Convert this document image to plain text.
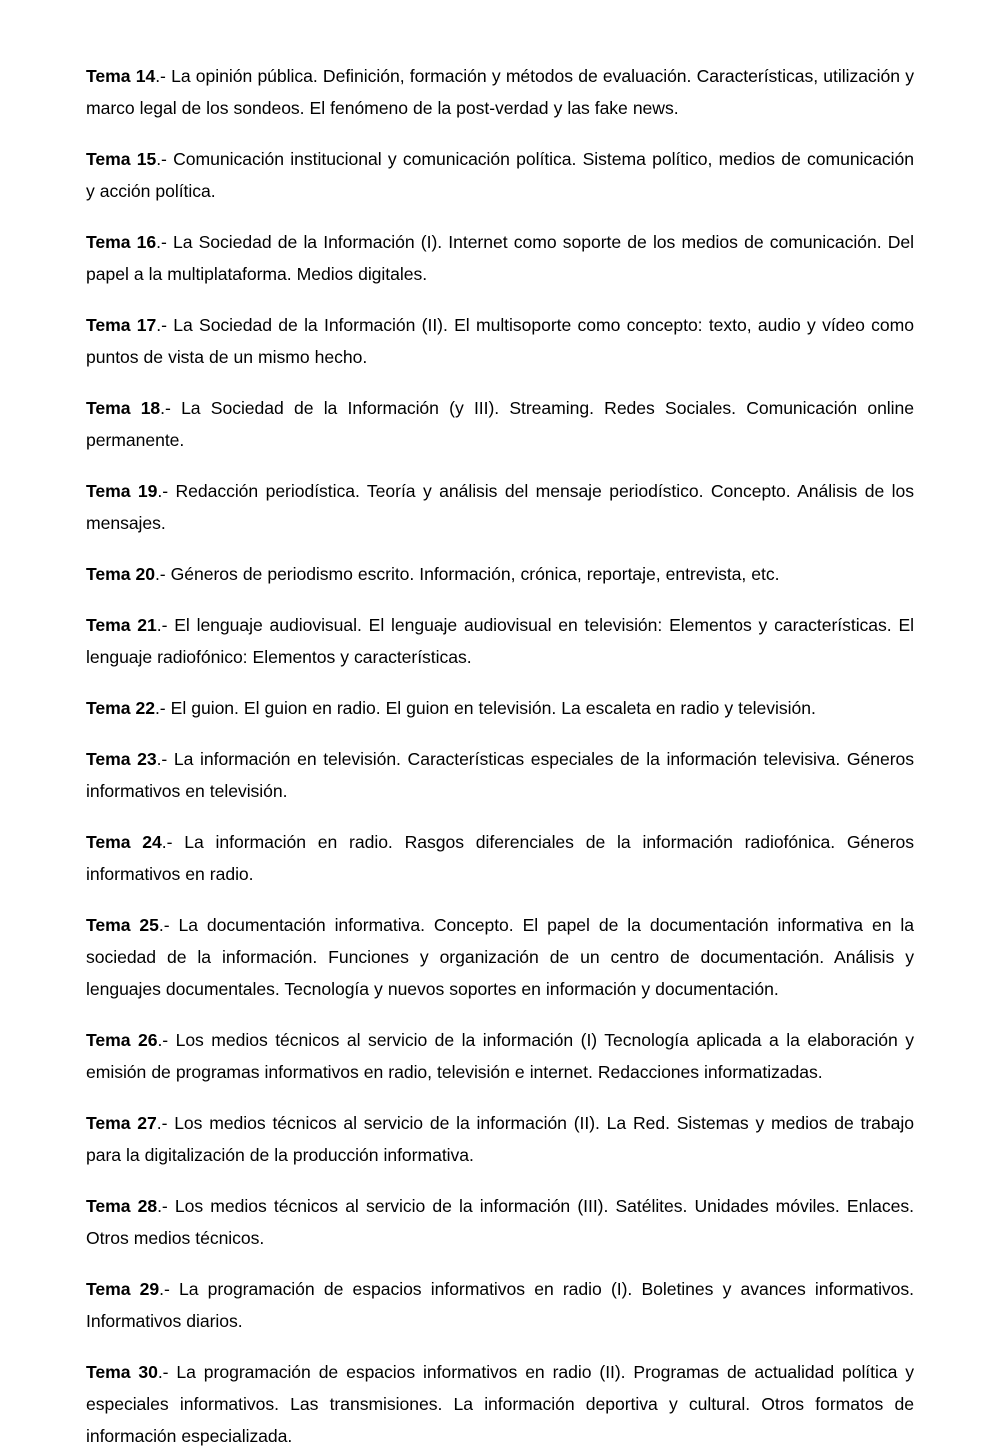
Tema 14.- La opinión pública. Definición, formación y métodos de evaluación. Características, utilización y marco legal de los sondeos. El fenómeno de la post-verdad y las fake news.

Tema 15.- Comunicación institucional y comunicación política. Sistema político, medios de comunicación y acción política.

Tema 16.- La Sociedad de la Información (I). Internet como soporte de los medios de comunicación. Del papel a la multiplataforma. Medios digitales.

Tema 17.- La Sociedad de la Información (II). El multisoporte como concepto: texto, audio y vídeo como puntos de vista de un mismo hecho.

Tema 18.- La Sociedad de la Información (y III). Streaming. Redes Sociales. Comunicación online permanente.

Tema 19.- Redacción periodística. Teoría y análisis del mensaje periodístico. Concepto. Análisis de los mensajes.

Tema 20.- Géneros de periodismo escrito. Información, crónica, reportaje, entrevista, etc.

Tema 21.- El lenguaje audiovisual. El lenguaje audiovisual en televisión: Elementos y características. El lenguaje radiofónico: Elementos y características.

Tema 22.- El guion. El guion en radio. El guion en televisión. La escaleta en radio y televisión.

Tema 23.- La información en televisión. Características especiales de la información televisiva. Géneros informativos en televisión.

Tema 24.- La información en radio. Rasgos diferenciales de la información radiofónica. Géneros informativos en radio.

Tema 25.- La documentación informativa. Concepto. El papel de la documentación informativa en la sociedad de la información. Funciones y organización de un centro de documentación. Análisis y lenguajes documentales. Tecnología y nuevos soportes en información y documentación.

Tema 26.- Los medios técnicos al servicio de la información (I) Tecnología aplicada a la elaboración y emisión de programas informativos en radio, televisión e internet. Redacciones informatizadas.

Tema 27.- Los medios técnicos al servicio de la información (II). La Red. Sistemas y medios de trabajo para la digitalización de la producción informativa.

Tema 28.- Los medios técnicos al servicio de la información (III). Satélites. Unidades móviles. Enlaces. Otros medios técnicos.

Tema 29.- La programación de espacios informativos en radio (I). Boletines y avances informativos. Informativos diarios.

Tema 30.- La programación de espacios informativos en radio (II). Programas de actualidad política y especiales informativos. Las transmisiones. La información deportiva y cultural. Otros formatos de información especializada.
